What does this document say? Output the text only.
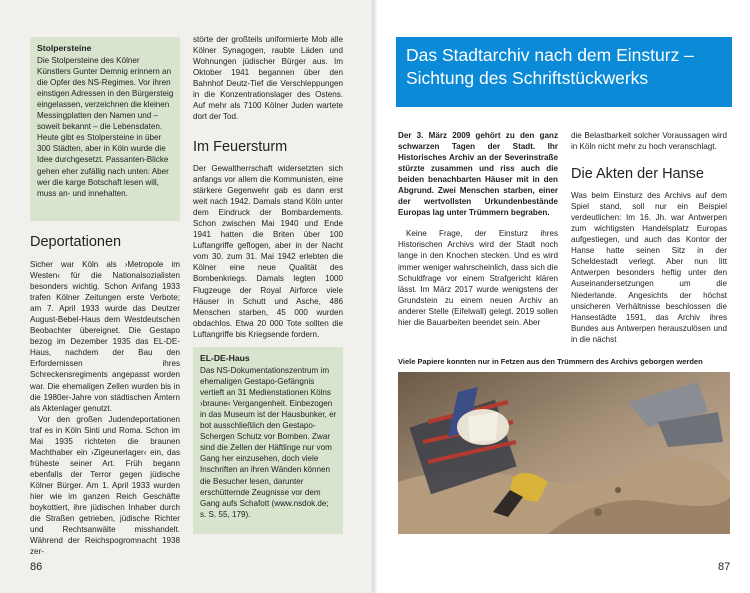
Stolpersteine

Die Stolpersteine des Kölner Künstlers Gunter Demnig erinnern an die Opfer des NS-Regimes. Vor ihren einstigen Adressen in den Bürgersteig eingelassen, verzeichnen die kleinen Messingplatten den Namen und – soweit bekannt – die Lebensdaten. Heute gibt es Stolpersteine in über 300 Städten, aber in Köln wurde die Idee durchgesetzt. Passanten-Blicke gehen eher zufällig nach unten: Aber wer die karge Botschaft lesen will, muss an- und innehalten.

Deportationen

Sicher war Köln als ›Metropole im Westen‹ für die Nationalsozialisten besonders wichtig. Schon Anfang 1933 trafen Kölner Zeitungen erste Verbote; am 7. April 1933 wurde das Deutzer August-Bebel-Haus dem Westdeutschen Beobachter übereignet. Die Gestapo bezog im Dezember 1935 das EL-DE-Haus, nachdem der Bau den Erfordernissen ihres Schreckensregiments angepasst worden war. Die ehemaligen Zellen wurden bis in die 1980er-Jahre von städtischen Ämtern als Aktenlager genutzt.

Vor den großen Judendeportationen traf es in Köln Sinti und Roma. Schon im Mai 1935 richteten die braunen Machthaber ein ›Zigeunerlager‹ ein, das früheste seiner Art. Früh begann ebenfalls der Terror gegen jüdische Kölner Bürger. Am 1. April 1933 wurden hier wie im ganzen Reich Geschäfte boykottiert, ihre jüdischen Inhaber durch die Straßen getrieben, jüdische Richter und Rechtsanwälte misshandelt. Während der Reichspogromnacht 1938 zer-

störte der großteils uniformierte Mob alle Kölner Synagogen, raubte Läden und Wohnungen jüdischer Bürger aus. Im Oktober 1941 begannen über den Bahnhof Deutz-Tief die Verschleppungen in die Konzentrationslager des Ostens. Auf mehr als 7100 Kölner Juden wartete dort der Tod.

Im Feuersturm

Der Gewaltherrschaft widersetzten sich anfangs vor allem die Kommunisten, eine stärkere Gegenwehr gab es dann erst weit nach 1942. Damals stand Köln unter dem Eindruck der Bombardements. Schon zwischen Mai 1940 und Ende 1941 hatten die Briten über 100 Luftangriffe geflogen, aber in der Nacht vom 30. zum 31. Mai 1942 erlebten die Kölner eine neue Qualität des Bombenkriegs. Damals legten 1000 Flugzeuge der Royal Airforce viele Häuser in Schutt und Asche, 486 Menschen starben, 45 000 wurden obdachlos. Etwa 20 000 Tote sollten die Luftangriffe bis Kriegsende fordern.

EL-DE-Haus

Das NS-Dokumentationszentrum im ehemaligen Gestapo-Gefängnis vertieft an 31 Medienstationen Kölns ›braune‹ Vergangenheit. Einbezogen in das Museum ist der Hausbunker, er bot ausschließlich den Gestapo-Schergen Schutz vor Bomben. Zwar sind die Zellen der Häftlinge nur vom Gang her einzusehen, doch viele Inschriften an ihren Wänden können die Besucher lesen, darunter erschütternde Zeugnisse vor dem Gang aufs Schafott (www.nsdok.de; s. S. 55, 179).

86
Das Stadtarchiv nach dem Einsturz – Sichtung des Schriftstückwerks

Der 3. März 2009 gehört zu den ganz schwarzen Tagen der Stadt. Ihr Historisches Archiv an der Severinstraße stürzte zusammen und riss auch die beiden benachbarten Häuser mit in den Abgrund. Zwei Menschen starben, einer der wertvollsten Urkundenbestände Europas lag unter Trümmern begraben.

Keine Frage, der Einsturz ihres Historischen Archivs wird der Stadt noch lange in den Knochen stecken. Und es wird immer weniger wahrscheinlich, dass sich die Schuldfrage vor einem Strafgericht klären lässt. Im März 2017 wurde wenigstens der Grundstein zu einem neuen Archiv an anderer Stelle (Eifelwall) gelegt. 2019 sollen hier die Bauarbeiten beendet sein. Aber

die Belastbarkeit solcher Voraussagen wird in Köln nicht mehr zu hoch veranschlagt.

Die Akten der Hanse

Was beim Einsturz des Archivs auf dem Spiel stand, soll nur ein Beispiel verdeutlichen: Im 16. Jh. war Antwerpen zum wichtigsten Handelsplatz Europas aufgestiegen, und auch das Kontor der Hanse hatte seinen Sitz in der Scheldestadt verlegt. Aber nun litt Antwerpen besonders heftig unter den Auseinandersetzungen um die Niederlande. Angesichts der höchst unsicheren Verhältnisse beschlossen die Hansestädte 1591, das Archiv ihres Bundes aus Antwerpen herauszulösen und in die nächst

Viele Papiere konnten nur in Fetzen aus den Trümmern des Archivs geborgen werden
87
